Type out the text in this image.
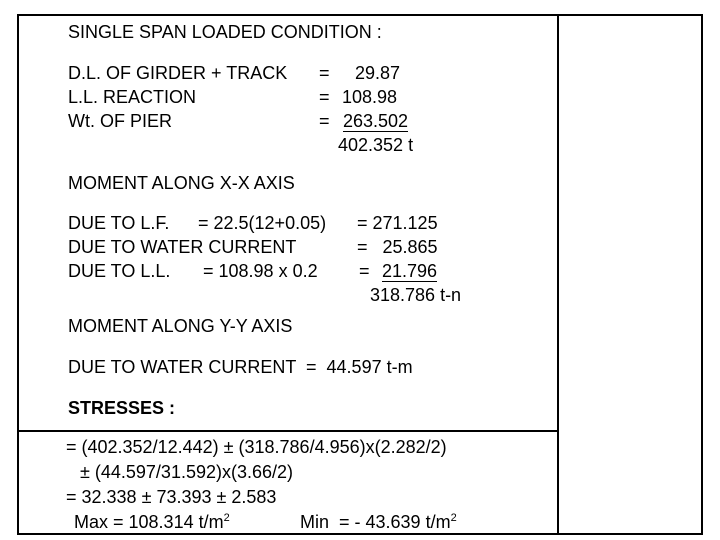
SINGLE SPAN LOADED CONDITION :
D.L. OF GIRDER + TRACK = 29.87
L.L. REACTION	= 108.98
Wt. OF PIER	= 263.502
402.352 t
MOMENT ALONG X-X AXIS
DUE TO L.F. = 22.5(12+0.05) = 271.125
DUE TO WATER CURRENT	=   25.865
DUE TO L.L. = 108.98 x 0.2 = 21.796
318.786 t-n
MOMENT ALONG Y-Y AXIS
DUE TO WATER CURRENT  =  44.597 t-m
STRESSES :
= (402.352/12.442) ± (318.786/4.956)x(2.282/2)
± (44.597/31.592)x(3.66/2)
= 32.338 ± 73.393 ± 2.583
Max = 108.314 $t/m^2$	Min  = - 43.639 $t/m^2$
